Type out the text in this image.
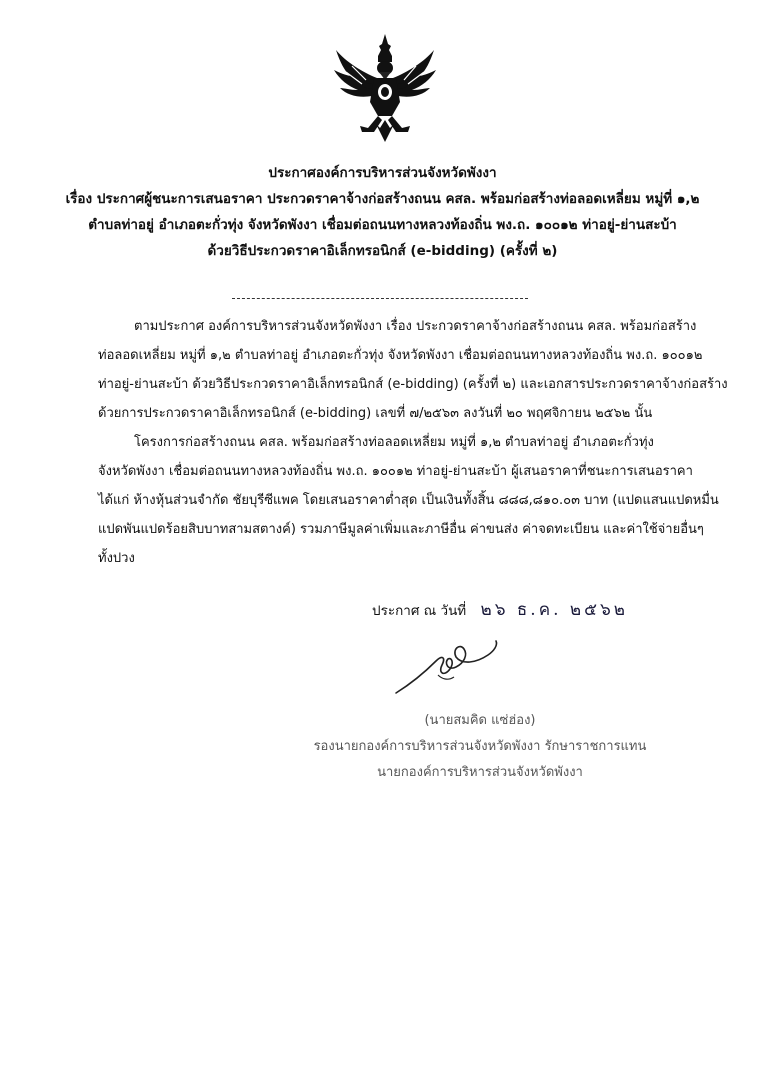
ประกาศองค์การบริหารส่วนจังหวัดพังงา
เรื่อง ประกาศผู้ชนะการเสนอราคา ประกวดราคาจ้างก่อสร้างถนน คสล. พร้อมก่อสร้างท่อลอดเหลี่ยม หมู่ที่ ๑,๒
ตำบลท่าอยู่ อำเภอตะกั่วทุ่ง จังหวัดพังงา เชื่อมต่อถนนทางหลวงท้องถิ่น พง.ถ. ๑๐๐๑๒ ท่าอยู่-ย่านสะบ้า
ด้วยวิธีประกวดราคาอิเล็กทรอนิกส์ (e-bidding) (ครั้งที่ ๒)
ตามประกาศ องค์การบริหารส่วนจังหวัดพังงา เรื่อง ประกวดราคาจ้างก่อสร้างถนน คสล. พร้อมก่อสร้าง
ท่อลอดเหลี่ยม หมู่ที่ ๑,๒ ตำบลท่าอยู่ อำเภอตะกั่วทุ่ง จังหวัดพังงา เชื่อมต่อถนนทางหลวงท้องถิ่น พง.ถ. ๑๐๐๑๒
ท่าอยู่-ย่านสะบ้า ด้วยวิธีประกวดราคาอิเล็กทรอนิกส์ (e-bidding) (ครั้งที่ ๒) และเอกสารประกวดราคาจ้างก่อสร้าง
ด้วยการประกวดราคาอิเล็กทรอนิกส์ (e-bidding) เลขที่ ๗/๒๕๖๓ ลงวันที่ ๒๐ พฤศจิกายน ๒๕๖๒ นั้น
โครงการก่อสร้างถนน คสล. พร้อมก่อสร้างท่อลอดเหลี่ยม หมู่ที่ ๑,๒ ตำบลท่าอยู่ อำเภอตะกั่วทุ่ง
จังหวัดพังงา เชื่อมต่อถนนทางหลวงท้องถิ่น พง.ถ. ๑๐๐๑๒ ท่าอยู่-ย่านสะบ้า ผู้เสนอราคาที่ชนะการเสนอราคา
ได้แก่ ห้างหุ้นส่วนจำกัด ชัยบุรีซีแพค โดยเสนอราคาต่ำสุด เป็นเงินทั้งสิ้น ๘๘๘,๘๑๐.๐๓ บาท (แปดแสนแปดหมื่น
แปดพันแปดร้อยสิบบาทสามสตางค์) รวมภาษีมูลค่าเพิ่มและภาษีอื่น ค่าขนส่ง ค่าจดทะเบียน และค่าใช้จ่ายอื่นๆ
ทั้งปวง
ประกาศ ณ วันที่ ๒๖ ธ.ค. ๒๕๖๒
(นายสมคิด แซ่ฮ่อง)
รองนายกองค์การบริหารส่วนจังหวัดพังงา รักษาราชการแทน
นายกองค์การบริหารส่วนจังหวัดพังงา
